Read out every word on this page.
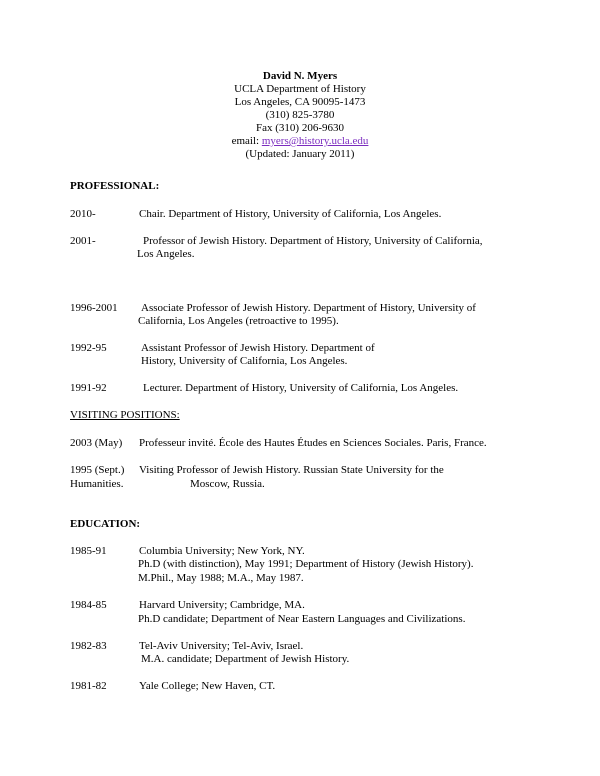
David N. Myers
UCLA Department of History
Los Angeles, CA 90095-1473
(310) 825-3780
Fax (310) 206-9630
email: myers@history.ucla.edu
(Updated: January 2011)
PROFESSIONAL:
2010-	Chair. Department of History, University of California, Los Angeles.
2001-	Professor of Jewish History. Department of History, University of California,
Los Angeles.
1996-2001 Associate Professor of Jewish History. Department of History, University of
California, Los Angeles (retroactive to 1995).
1992-95	Assistant Professor of Jewish History. Department of
History, University of California, Los Angeles.
1991-92	Lecturer. Department of History, University of California, Los Angeles.
VISITING POSITIONS:
2003 (May) Professeur invité. École des Hautes Études en Sciences Sociales. Paris, France.
1995 (Sept.) Visiting Professor of Jewish History. Russian State University for the
Humanities.	Moscow, Russia.
EDUCATION:
1985-91	Columbia University; New York, NY.
Ph.D (with distinction), May 1991; Department of History (Jewish History).
M.Phil., May 1988; M.A., May 1987.
1984-85	Harvard University; Cambridge, MA.
Ph.D candidate; Department of Near Eastern Languages and Civilizations.
1982-83	Tel-Aviv University; Tel-Aviv, Israel.
M.A. candidate; Department of Jewish History.
1981-82	Yale College; New Haven, CT.
